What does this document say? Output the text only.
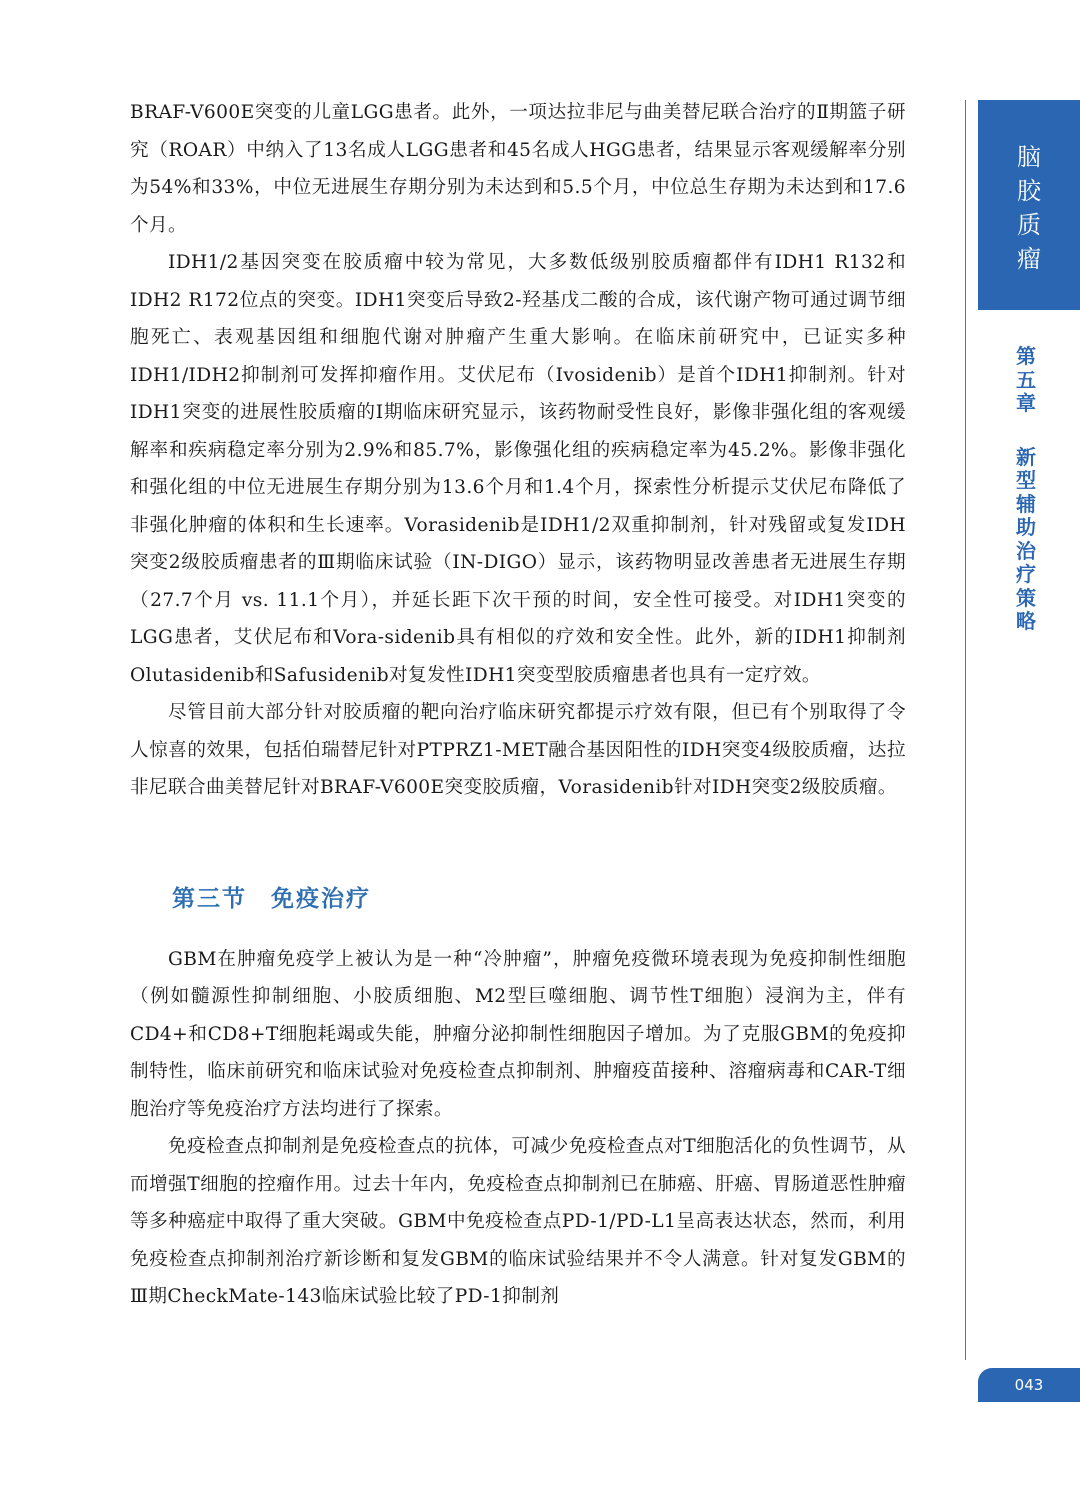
脑
胶
质
瘤
第
五
章
新
型
辅
助
治
疗
策
略

BRAF-V600E突变的儿童LGG患者。此外，一项达拉非尼与曲美替尼联合治疗的Ⅱ期篮子研究（ROAR）中纳入了13名成人LGG患者和45名成人HGG患者，结果显示客观缓解率分别为54%和33%，中位无进展生存期分别为未达到和5.5个月，中位总生存期为未达到和17.6个月。

IDH1/2基因突变在胶质瘤中较为常见，大多数低级别胶质瘤都伴有IDH1 R132和IDH2 R172位点的突变。IDH1突变后导致2-羟基戊二酸的合成，该代谢产物可通过调节细胞死亡、表观基因组和细胞代谢对肿瘤产生重大影响。在临床前研究中，已证实多种IDH1/IDH2抑制剂可发挥抑瘤作用。艾伏尼布（Ivosidenib）是首个IDH1抑制剂。针对IDH1突变的进展性胶质瘤的Ⅰ期临床研究显示，该药物耐受性良好，影像非强化组的客观缓解率和疾病稳定率分别为2.9%和85.7%，影像强化组的疾病稳定率为45.2%。影像非强化和强化组的中位无进展生存期分别为13.6个月和1.4个月，探索性分析提示艾伏尼布降低了非强化肿瘤的体积和生长速率。Vorasidenib是IDH1/2双重抑制剂，针对残留或复发IDH突变2级胶质瘤患者的Ⅲ期临床试验（IN-DIGO）显示，该药物明显改善患者无进展生存期（27.7个月 vs. 11.1个月），并延长距下次干预的时间，安全性可接受。对IDH1突变的LGG患者，艾伏尼布和Vora-sidenib具有相似的疗效和安全性。此外，新的IDH1抑制剂Olutasidenib和Safusidenib对复发性IDH1突变型胶质瘤患者也具有一定疗效。

尽管目前大部分针对胶质瘤的靶向治疗临床研究都提示疗效有限，但已有个别取得了令人惊喜的效果，包括伯瑞替尼针对PTPRZ1-MET融合基因阳性的IDH突变4级胶质瘤，达拉非尼联合曲美替尼针对BRAF-V600E突变胶质瘤，Vorasidenib针对IDH突变2级胶质瘤。

第三节 免疫治疗

GBM在肿瘤免疫学上被认为是一种“冷肿瘤”，肿瘤免疫微环境表现为免疫抑制性细胞（例如髓源性抑制细胞、小胶质细胞、M2型巨噬细胞、调节性T细胞）浸润为主，伴有CD4+和CD8+T细胞耗竭或失能，肿瘤分泌抑制性细胞因子增加。为了克服GBM的免疫抑制特性，临床前研究和临床试验对免疫检查点抑制剂、肿瘤疫苗接种、溶瘤病毒和CAR-T细胞治疗等免疫治疗方法均进行了探索。

免疫检查点抑制剂是免疫检查点的抗体，可减少免疫检查点对T细胞活化的负性调节，从而增强T细胞的控瘤作用。过去十年内，免疫检查点抑制剂已在肺癌、肝癌、胃肠道恶性肿瘤等多种癌症中取得了重大突破。GBM中免疫检查点PD-1/PD-L1呈高表达状态，然而，利用免疫检查点抑制剂治疗新诊断和复发GBM的临床试验结果并不令人满意。针对复发GBM的Ⅲ期CheckMate-143临床试验比较了PD-1抑制剂

043
